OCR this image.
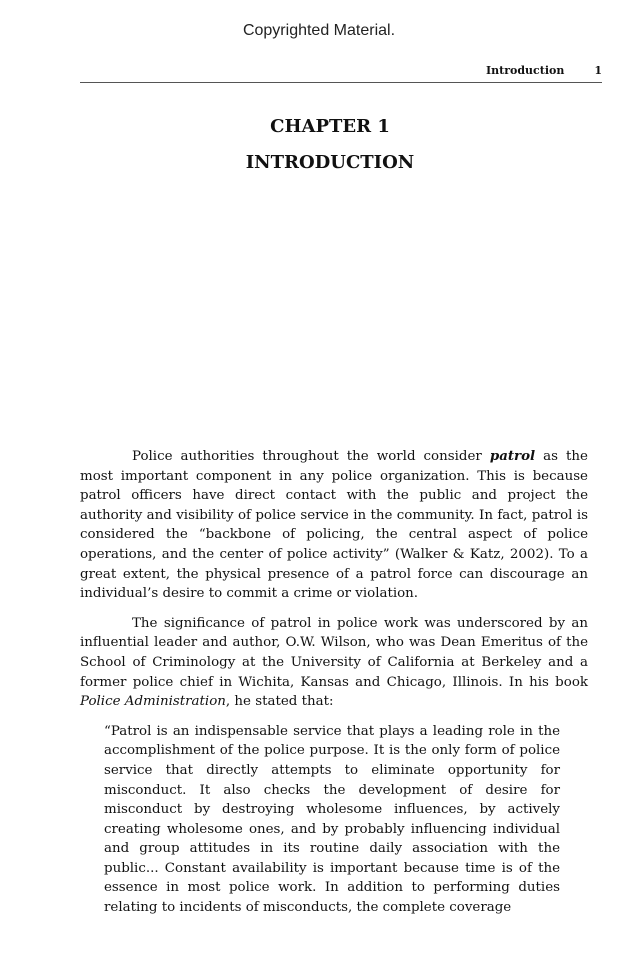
Copyrighted Material.
Introduction	1
CHAPTER 1
INTRODUCTION

Police authorities throughout the world consider patrol as the most important component in any police organization. This is because patrol officers have direct contact with the public and project the authority and visibility of police service in the community. In fact, patrol is considered the “backbone of policing, the central aspect of police operations, and the center of police activity” (Walker & Katz, 2002). To a great extent, the physical presence of a patrol force can discourage an individual’s desire to commit a crime or violation.

The significance of patrol in police work was underscored by an influential leader and author, O.W. Wilson, who was Dean Emeritus of the School of Criminology at the University of California at Berkeley and a former police chief in Wichita, Kansas and Chicago, Illinois. In his book Police Administration, he stated that:

“Patrol is an indispensable service that plays a leading role in the accomplishment of the police purpose. It is the only form of police service that directly attempts to eliminate opportunity for misconduct. It also checks the development of desire for misconduct by destroying wholesome influences, by actively creating wholesome ones, and by probably influencing individual and group attitudes in its routine daily association with the public... Constant availability is important because time is of the essence in most police work. In addition to performing duties relating to incidents of misconducts, the complete coverage
